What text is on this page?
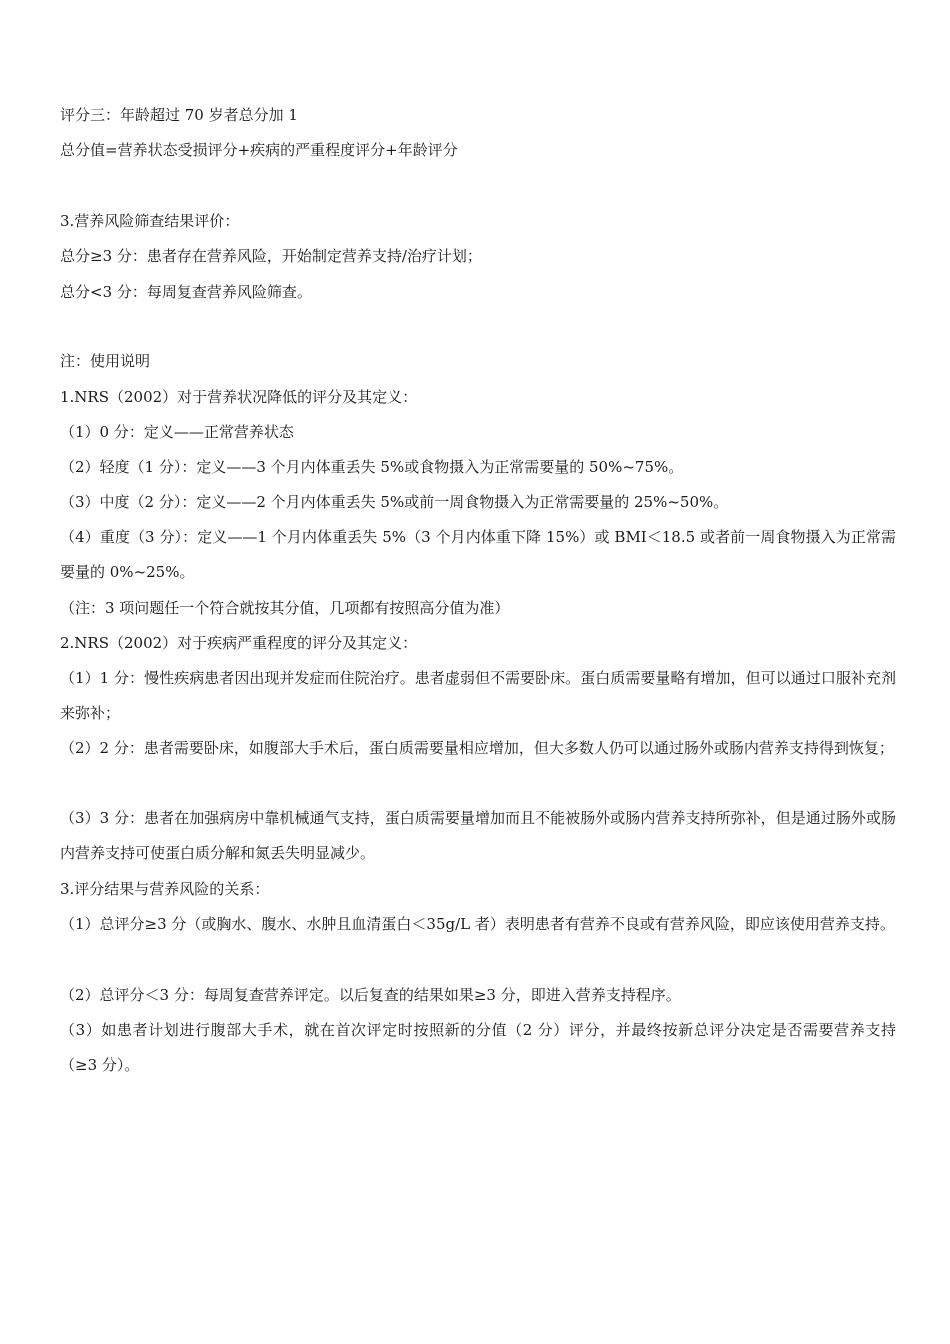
评分三：年龄超过 70 岁者总分加 1
总分值=营养状态受损评分+疾病的严重程度评分+年龄评分
3.营养风险筛查结果评价：
总分≥3 分：患者存在营养风险，开始制定营养支持/治疗计划；
总分<3 分：每周复查营养风险筛查。
注：使用说明
1.NRS（2002）对于营养状况降低的评分及其定义：
（1）0 分：定义——正常营养状态
（2）轻度（1 分）：定义——3 个月内体重丢失 5%或食物摄入为正常需要量的 50%~75%。
（3）中度（2 分）：定义——2 个月内体重丢失 5%或前一周食物摄入为正常需要量的 25%~50%。
（4）重度（3 分）：定义——1 个月内体重丢失 5%（3 个月内体重下降 15%）或 BMI＜18.5 或者前一周食物摄入为正常需要量的 0%~25%。
（注：3 项问题任一个符合就按其分值，几项都有按照高分值为准）
2.NRS（2002）对于疾病严重程度的评分及其定义：
（1）1 分：慢性疾病患者因出现并发症而住院治疗。患者虚弱但不需要卧床。蛋白质需要量略有增加，但可以通过口服补充剂来弥补；
（2）2 分：患者需要卧床，如腹部大手术后，蛋白质需要量相应增加，但大多数人仍可以通过肠外或肠内营养支持得到恢复；
（3）3 分：患者在加强病房中靠机械通气支持，蛋白质需要量增加而且不能被肠外或肠内营养支持所弥补，但是通过肠外或肠内营养支持可使蛋白质分解和氮丢失明显减少。
3.评分结果与营养风险的关系：
（1）总评分≥3 分（或胸水、腹水、水肿且血清蛋白＜35g/L 者）表明患者有营养不良或有营养风险，即应该使用营养支持。
（2）总评分＜3 分：每周复查营养评定。以后复查的结果如果≥3 分，即进入营养支持程序。
（3）如患者计划进行腹部大手术，就在首次评定时按照新的分值（2 分）评分，并最终按新总评分决定是否需要营养支持（≥3 分）。
